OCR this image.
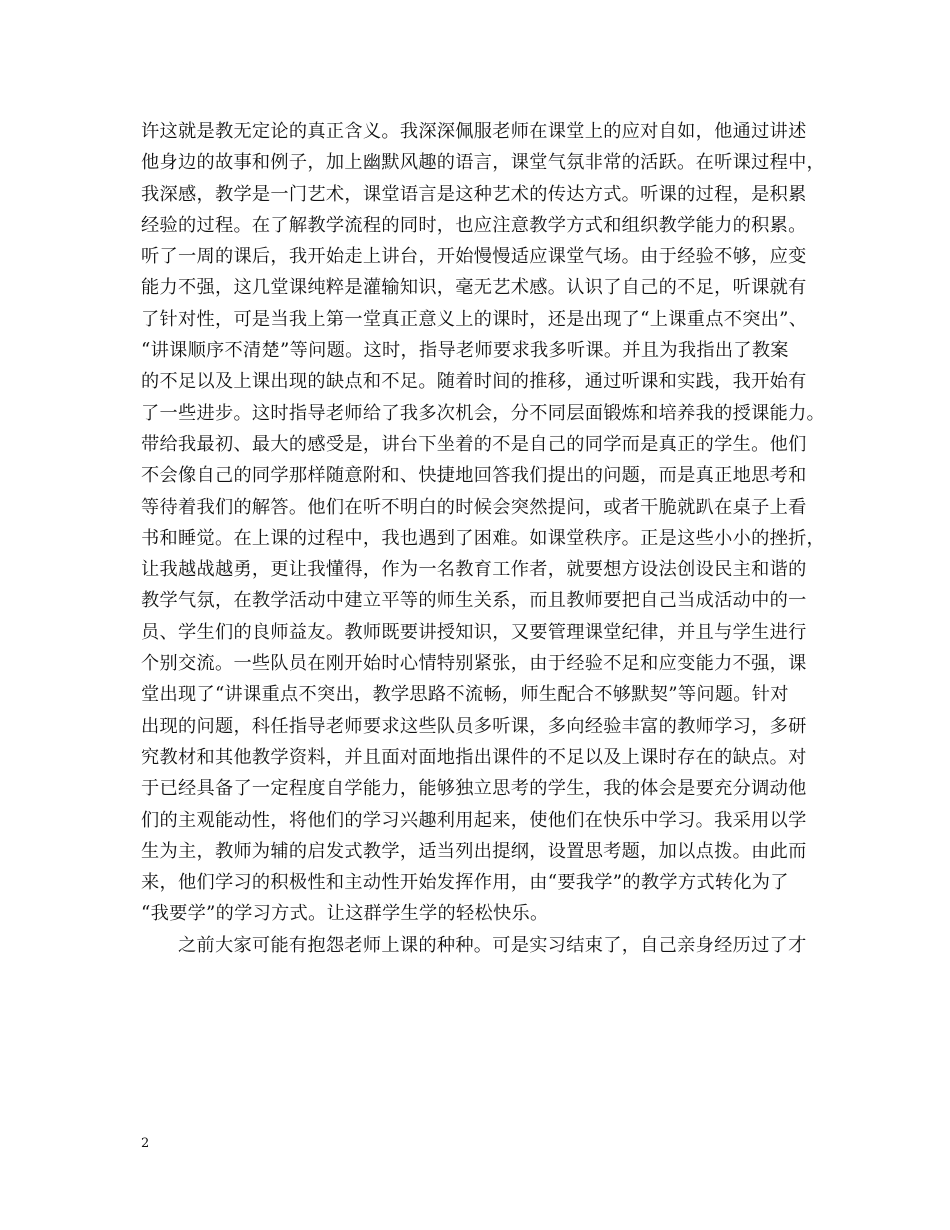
许这就是教无定论的真正含义。我深深佩服老师在课堂上的应对自如，他通过讲述
他身边的故事和例子，加上幽默风趣的语言，课堂气氛非常的活跃。在听课过程中，
我深感，教学是一门艺术，课堂语言是这种艺术的传达方式。听课的过程，是积累
经验的过程。在了解教学流程的同时，也应注意教学方式和组织教学能力的积累。
听了一周的课后，我开始走上讲台，开始慢慢适应课堂气场。由于经验不够，应变
能力不强，这几堂课纯粹是灌输知识，毫无艺术感。认识了自己的不足，听课就有
了针对性，可是当我上第一堂真正意义上的课时，还是出现了“上课重点不突出”、
“讲课顺序不清楚”等问题。这时，指导老师要求我多听课。并且为我指出了教案
的不足以及上课出现的缺点和不足。随着时间的推移，通过听课和实践，我开始有
了一些进步。这时指导老师给了我多次机会，分不同层面锻炼和培养我的授课能力。
带给我最初、最大的感受是，讲台下坐着的不是自己的同学而是真正的学生。他们
不会像自己的同学那样随意附和、快捷地回答我们提出的问题，而是真正地思考和
等待着我们的解答。他们在听不明白的时候会突然提问，或者干脆就趴在桌子上看
书和睡觉。在上课的过程中，我也遇到了困难。如课堂秩序。正是这些小小的挫折，
让我越战越勇，更让我懂得，作为一名教育工作者，就要想方设法创设民主和谐的
教学气氛，在教学活动中建立平等的师生关系，而且教师要把自己当成活动中的一
员、学生们的良师益友。教师既要讲授知识，又要管理课堂纪律，并且与学生进行
个别交流。一些队员在刚开始时心情特别紧张，由于经验不足和应变能力不强，课
堂出现了“讲课重点不突出，教学思路不流畅，师生配合不够默契”等问题。针对
出现的问题，科任指导老师要求这些队员多听课，多向经验丰富的教师学习，多研
究教材和其他教学资料，并且面对面地指出课件的不足以及上课时存在的缺点。对
于已经具备了一定程度自学能力，能够独立思考的学生，我的体会是要充分调动他
们的主观能动性，将他们的学习兴趣利用起来，使他们在快乐中学习。我采用以学
生为主，教师为辅的启发式教学，适当列出提纲，设置思考题，加以点拨。由此而
来，他们学习的积极性和主动性开始发挥作用，由“要我学”的教学方式转化为了
“我要学”的学习方式。让这群学生学的轻松快乐。
之前大家可能有抱怨老师上课的种种。可是实习结束了，自己亲身经历过了才
2
